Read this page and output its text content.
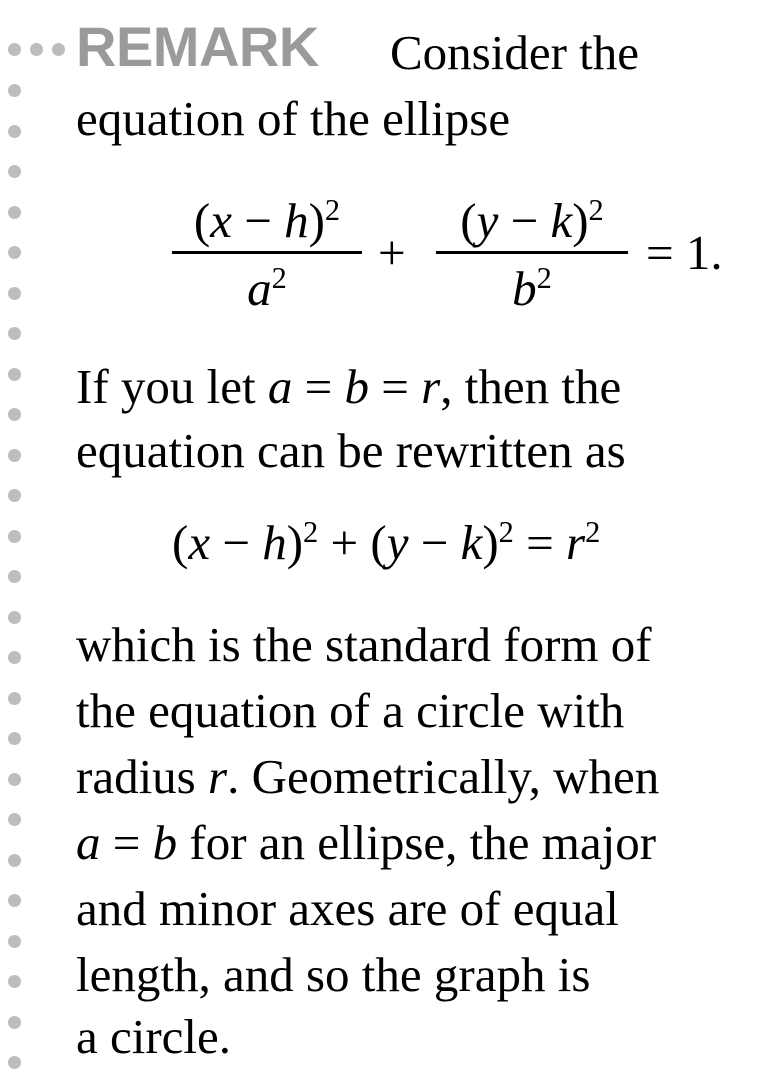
REMARK Consider the
equation of the ellipse
$(x - h)^2$
$a^2$	+
$(y - k)^2$
$b^2$	= 1.
If you let a = b = r, then the
equation can be rewritten as
$(x - h)^2 + (y - k)^2 = r^2$
which is the standard form of
the equation of a circle with
radius r. Geometrically, when
a = b for an ellipse, the major
and minor axes are of equal
length, and so the graph is
a circle.
